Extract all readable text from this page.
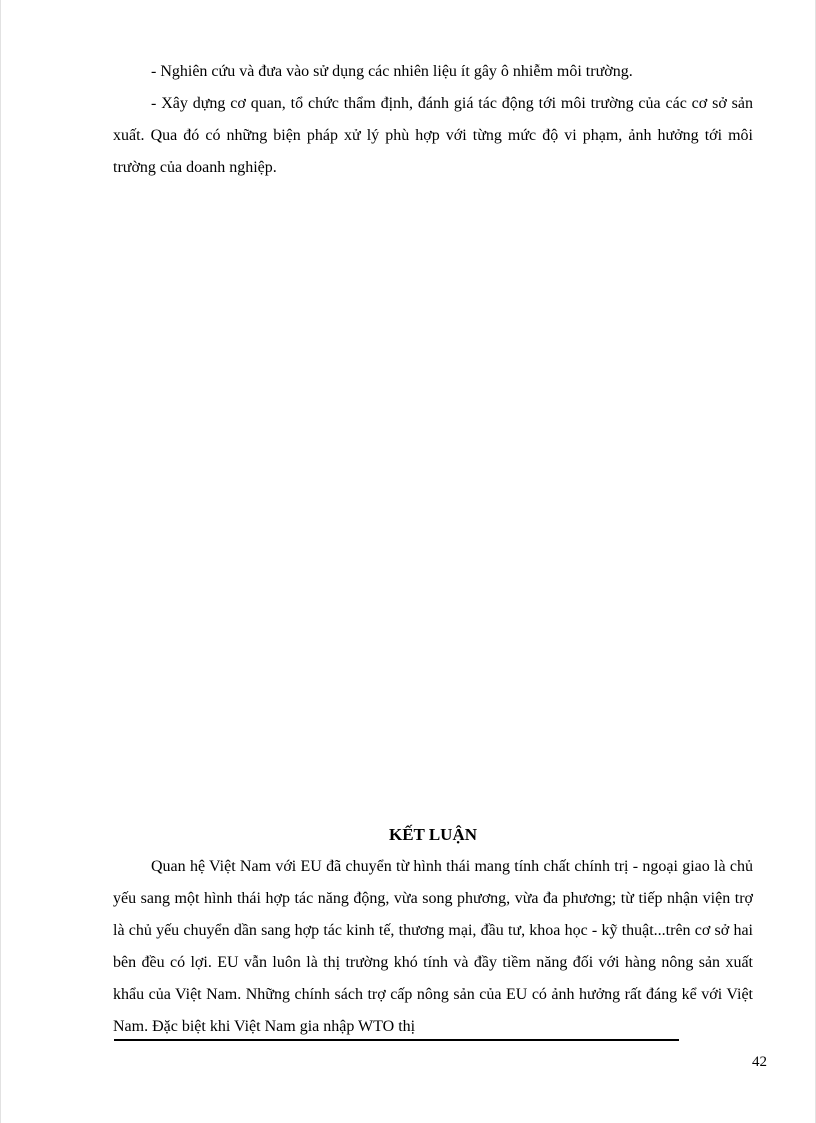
- Nghiên cứu và đưa vào sử dụng các nhiên liệu ít gây ô nhiễm môi trường.

- Xây dựng cơ quan, tổ chức thẩm định, đánh giá tác động tới môi trường của các cơ sở sản xuất. Qua đó có những biện pháp xử lý phù hợp với từng mức độ vi phạm, ảnh hưởng tới môi trường của doanh nghiệp.

KẾT LUẬN

Quan hệ Việt Nam với EU đã chuyển từ hình thái mang tính chất chính trị - ngoại giao là chủ yếu sang một hình thái hợp tác năng động, vừa song phương, vừa đa phương; từ tiếp nhận viện trợ là chủ yếu chuyển dần sang hợp tác kinh tế, thương mại, đầu tư, khoa học - kỹ thuật...trên cơ sở hai bên đều có lợi. EU vẫn luôn là thị trường khó tính và đầy tiềm năng đối với hàng nông sản xuất khẩu của Việt Nam. Những chính sách trợ cấp nông sản của EU có ảnh hưởng rất đáng kể với Việt Nam. Đặc biệt khi Việt Nam gia nhập WTO thị

42
